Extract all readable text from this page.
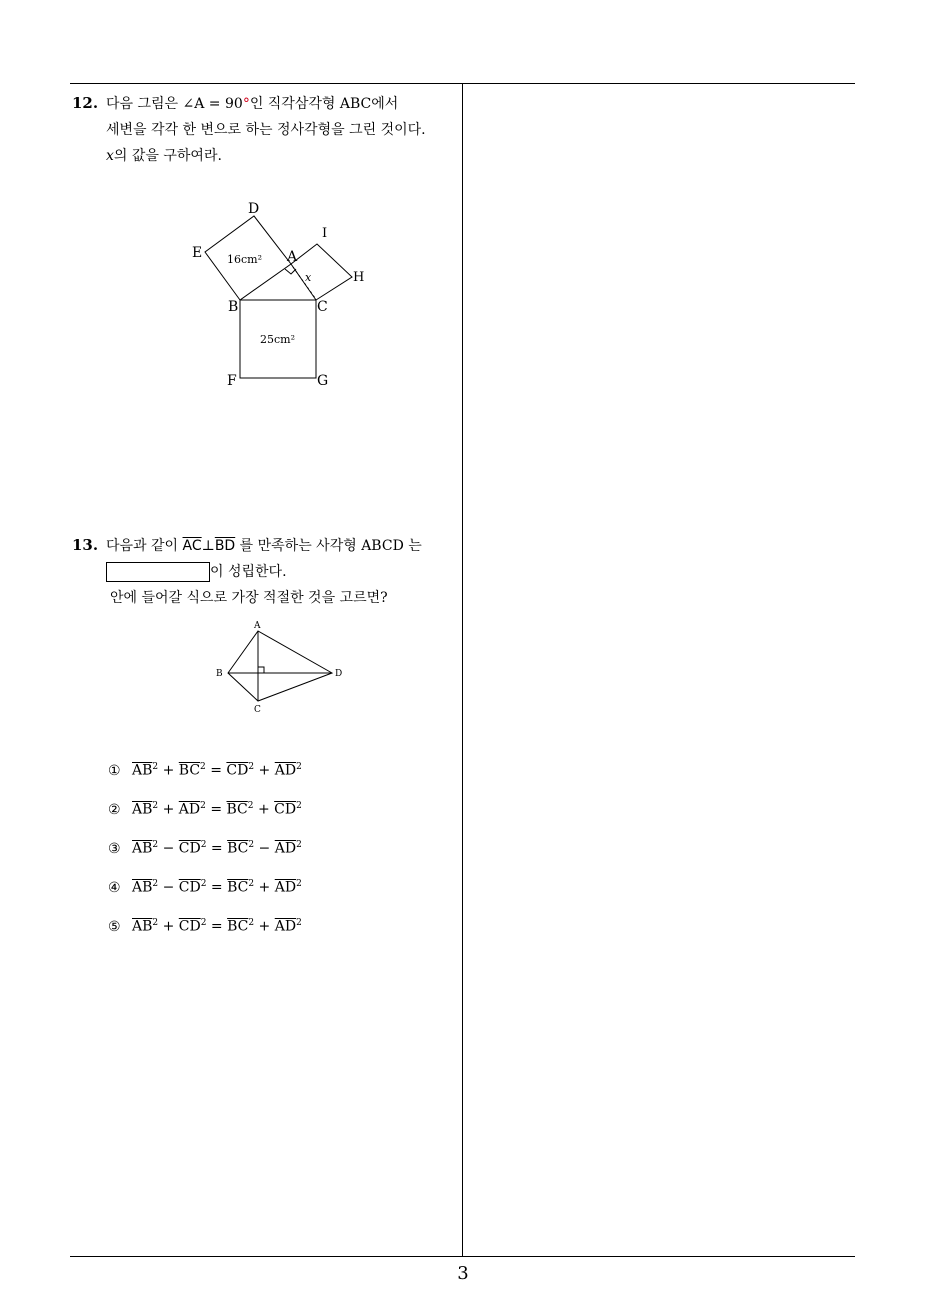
12. 다음 그림은 ∠A = 90°인 직각삼각형 ABC에서
세변을 각각 한 변으로 하는 정사각형을 그린 것이다.
x의 값을 구하여라.
D
E	A
I
H
B	C
F	G
x
16cm²
25cm²
13. 다음과 같이 $\overline{AC}\perp\overline{BD}$ 를 만족하는 사각형 ABCD 는
이 성립한다.
안에 들어갈 식으로 가장 적절한 것을 고르면?
A
B	D
C
① $\overline{AB}^2 + \overline{BC}^2 = \overline{CD}^2 + \overline{AD}^2$
② $\overline{AB}^2 + \overline{AD}^2 = \overline{BC}^2 + \overline{CD}^2$
③ $\overline{AB}^2 - \overline{CD}^2 = \overline{BC}^2 - \overline{AD}^2$
④ $\overline{AB}^2 - \overline{CD}^2 = \overline{BC}^2 + \overline{AD}^2$
⑤ $\overline{AB}^2 + \overline{CD}^2 = \overline{BC}^2 + \overline{AD}^2$
3
